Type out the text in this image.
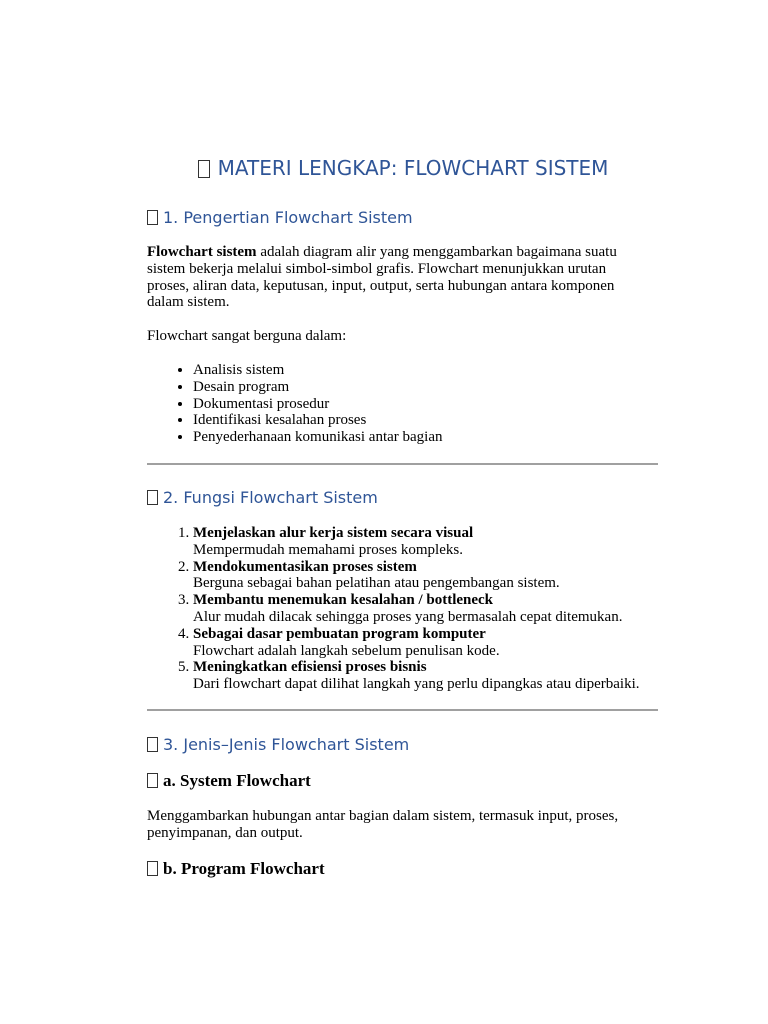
MATERI LENGKAP: FLOWCHART SISTEM
1. Pengertian Flowchart Sistem
Flowchart sistem adalah diagram alir yang menggambarkan bagaimana suatu sistem bekerja melalui simbol-simbol grafis. Flowchart menunjukkan urutan proses, aliran data, keputusan, input, output, serta hubungan antara komponen dalam sistem.
Flowchart sangat berguna dalam:
• Analisis sistem
• Desain program
• Dokumentasi prosedur
• Identifikasi kesalahan proses
• Penyederhanaan komunikasi antar bagian
2. Fungsi Flowchart Sistem
1. Menjelaskan alur kerja sistem secara visual
Mempermudah memahami proses kompleks.
2. Mendokumentasikan proses sistem
Berguna sebagai bahan pelatihan atau pengembangan sistem.
3. Membantu menemukan kesalahan / bottleneck
Alur mudah dilacak sehingga proses yang bermasalah cepat ditemukan.
4. Sebagai dasar pembuatan program komputer
Flowchart adalah langkah sebelum penulisan kode.
5. Meningkatkan efisiensi proses bisnis
Dari flowchart dapat dilihat langkah yang perlu dipangkas atau diperbaiki.
3. Jenis–Jenis Flowchart Sistem
a. System Flowchart
Menggambarkan hubungan antar bagian dalam sistem, termasuk input, proses, penyimpanan, dan output.
b. Program Flowchart
